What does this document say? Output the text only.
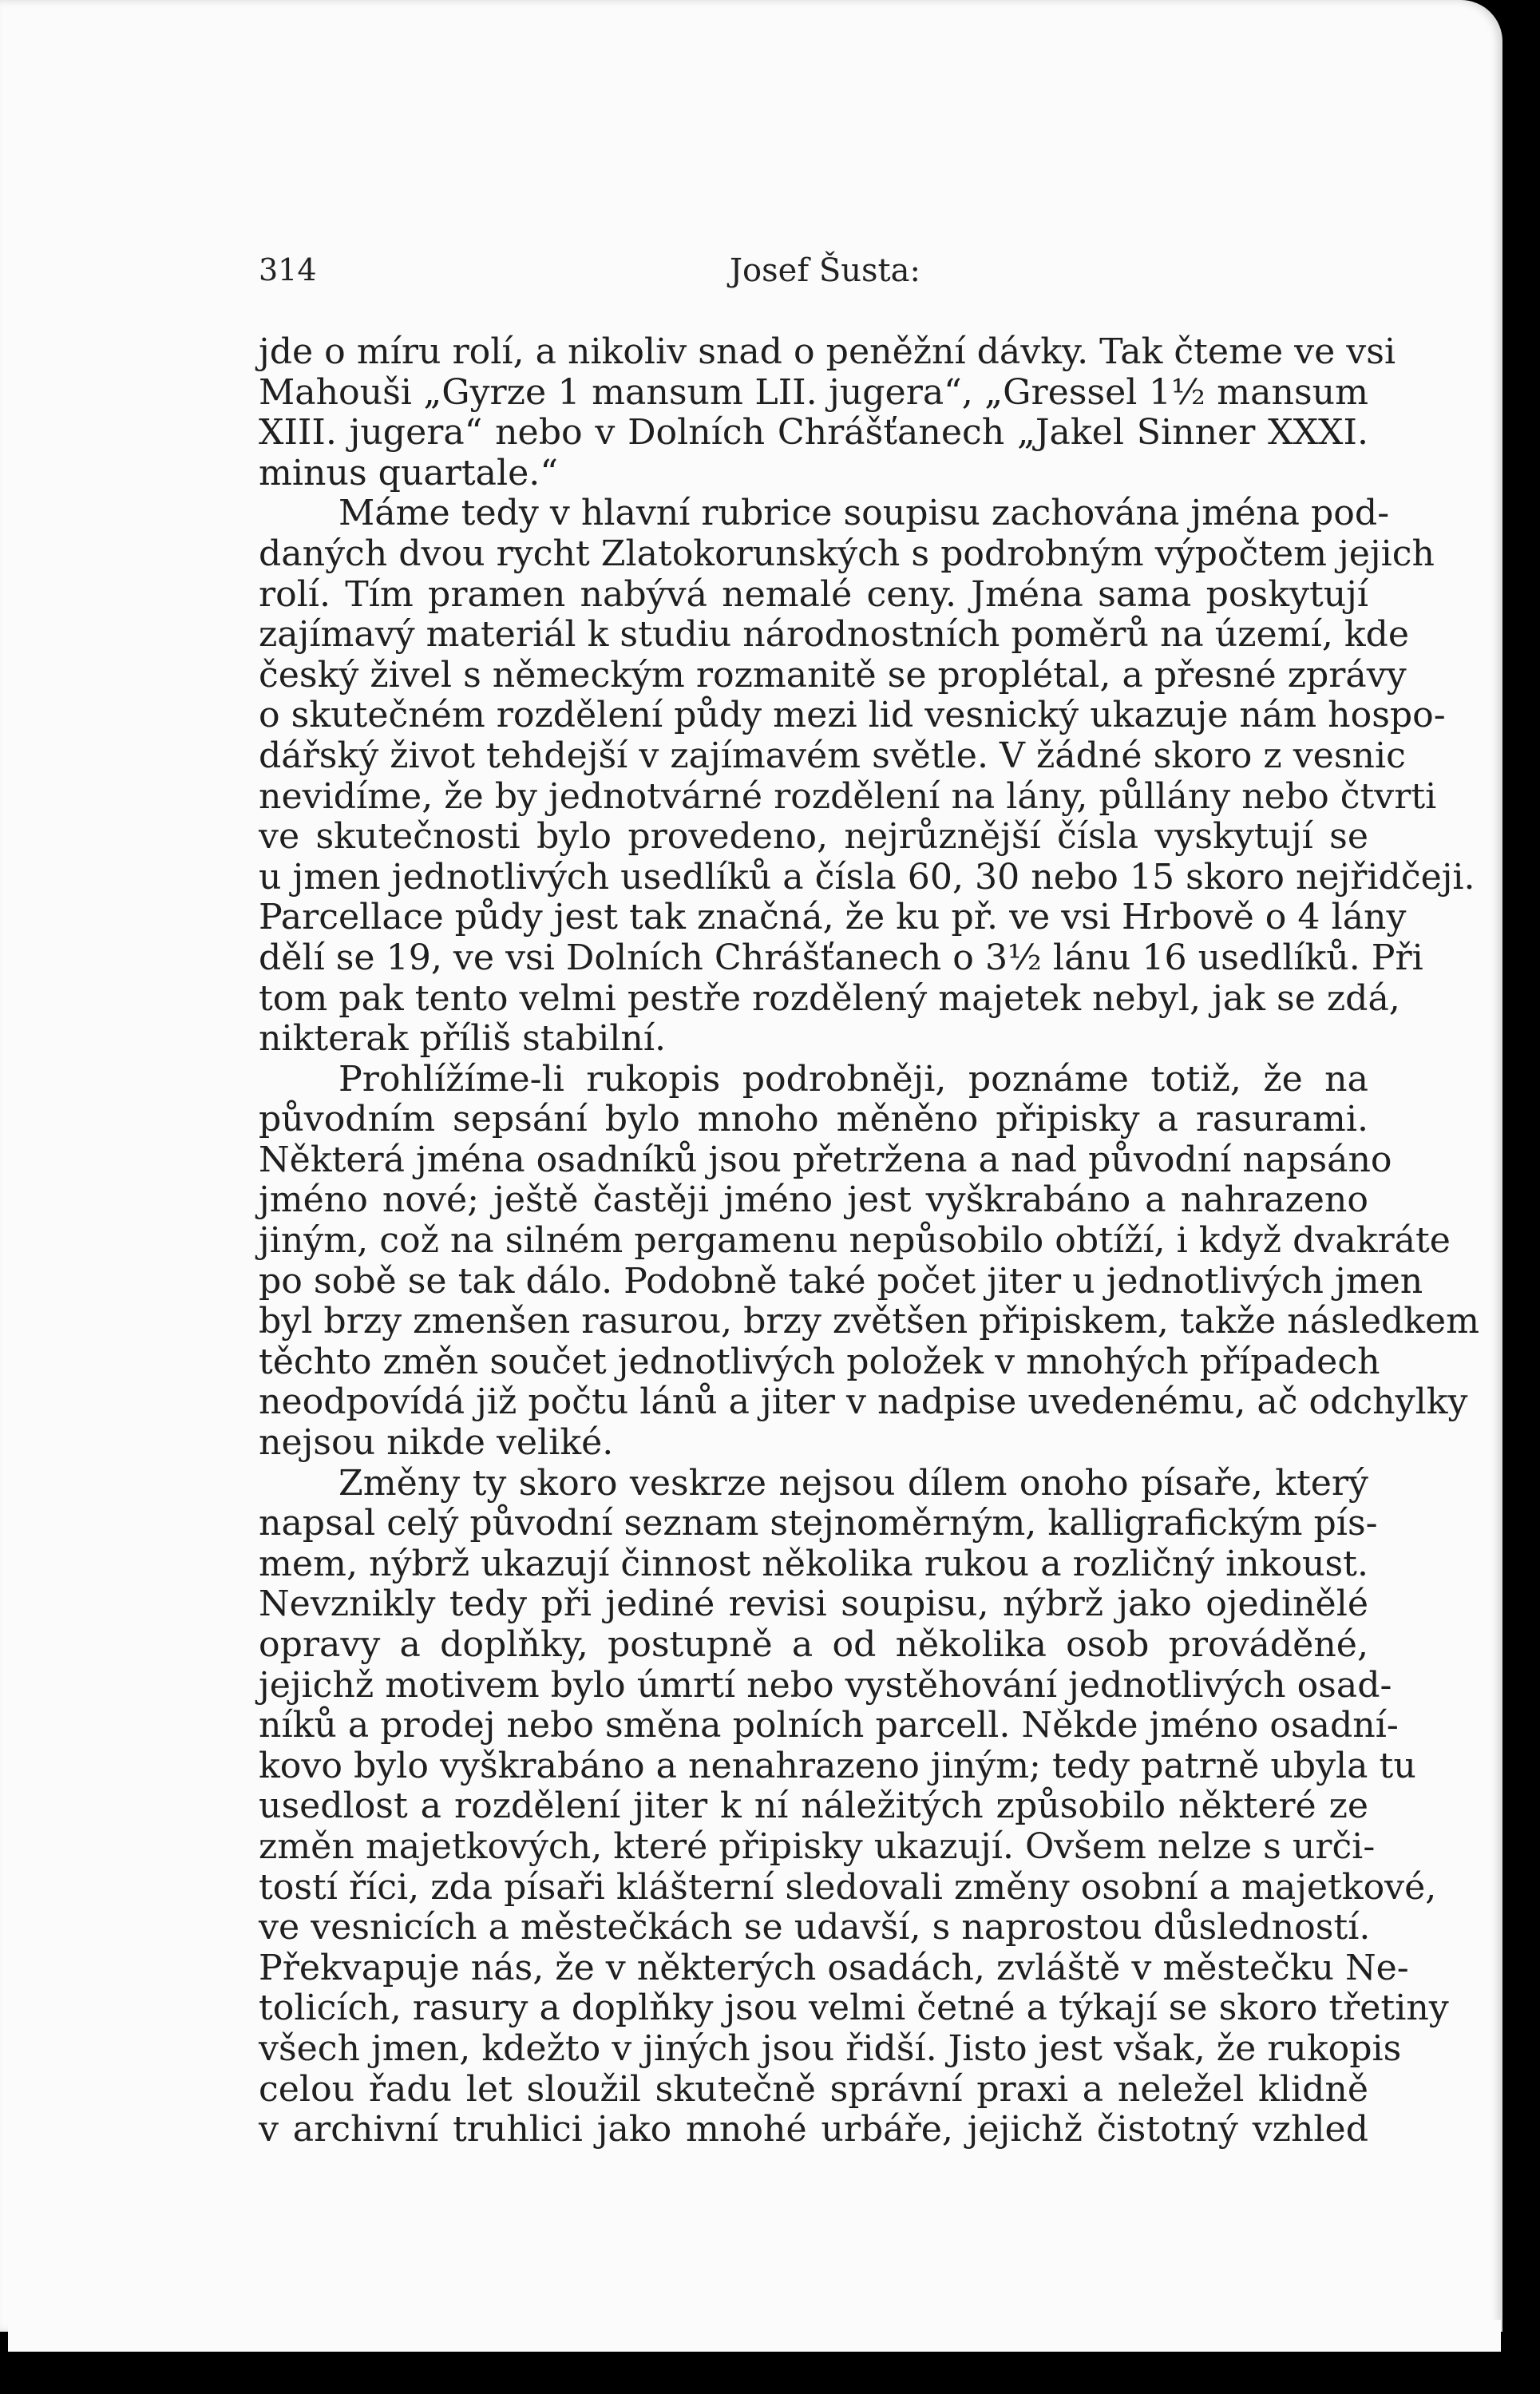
314	Josef Šusta:
jde o míru rolí, a nikoliv snad o peněžní dávky. Tak čteme ve vsi
Mahouši „Gyrze 1 mansum LII. jugera“, „Gressel 1½ mansum
XIII. jugera“ nebo v Dolních Chrášťanech „Jakel Sinner XXXI.
minus quartale.“
Máme tedy v hlavní rubrice soupisu zachována jména pod-
daných dvou rycht Zlatokorunských s podrobným výpočtem jejich
rolí. Tím pramen nabývá nemalé ceny. Jména sama poskytují
zajímavý materiál k studiu národnostních poměrů na území, kde
český živel s německým rozmanitě se proplétal, a přesné zprávy
o skutečném rozdělení půdy mezi lid vesnický ukazuje nám hospo-
dářský život tehdejší v zajímavém světle. V žádné skoro z vesnic
nevidíme, že by jednotvárné rozdělení na lány, půllány nebo čtvrti
ve skutečnosti bylo provedeno, nejrůznější čísla vyskytují se
u jmen jednotlivých usedlíků a čísla 60, 30 nebo 15 skoro nejřidčeji.
Parcellace půdy jest tak značná, že ku př. ve vsi Hrbově o 4 lány
dělí se 19, ve vsi Dolních Chrášťanech o 3½ lánu 16 usedlíků. Při
tom pak tento velmi pestře rozdělený majetek nebyl, jak se zdá,
nikterak příliš stabilní.
Prohlížíme-li rukopis podrobněji, poznáme totiž, že na
původním sepsání bylo mnoho měněno připisky a rasurami.
Některá jména osadníků jsou přetržena a nad původní napsáno
jméno nové; ještě častěji jméno jest vyškrabáno a nahrazeno
jiným, což na silném pergamenu nepůsobilo obtíží, i když dvakráte
po sobě se tak dálo. Podobně také počet jiter u jednotlivých jmen
byl brzy zmenšen rasurou, brzy zvětšen připiskem, takže následkem
těchto změn součet jednotlivých položek v mnohých případech
neodpovídá již počtu lánů a jiter v nadpise uvedenému, ač odchylky
nejsou nikde veliké.
Změny ty skoro veskrze nejsou dílem onoho písaře, který
napsal celý původní seznam stejnoměrným, kalligrafickým pís-
mem, nýbrž ukazují činnost několika rukou a rozličný inkoust.
Nevznikly tedy při jediné revisi soupisu, nýbrž jako ojedinělé
opravy a doplňky, postupně a od několika osob prováděné,
jejichž motivem bylo úmrtí nebo vystěhování jednotlivých osad-
níků a prodej nebo směna polních parcell. Někde jméno osadní-
kovo bylo vyškrabáno a nenahrazeno jiným; tedy patrně ubyla tu
usedlost a rozdělení jiter k ní náležitých způsobilo některé ze
změn majetkových, které připisky ukazují. Ovšem nelze s urči-
tostí říci, zda písaři klášterní sledovali změny osobní a majetkové,
ve vesnicích a městečkách se udavší, s naprostou důsledností.
Překvapuje nás, že v některých osadách, zvláště v městečku Ne-
tolicích, rasury a doplňky jsou velmi četné a týkají se skoro třetiny
všech jmen, kdežto v jiných jsou řidší. Jisto jest však, že rukopis
celou řadu let sloužil skutečně správní praxi a neležel klidně
v archivní truhlici jako mnohé urbáře, jejichž čistotný vzhled
